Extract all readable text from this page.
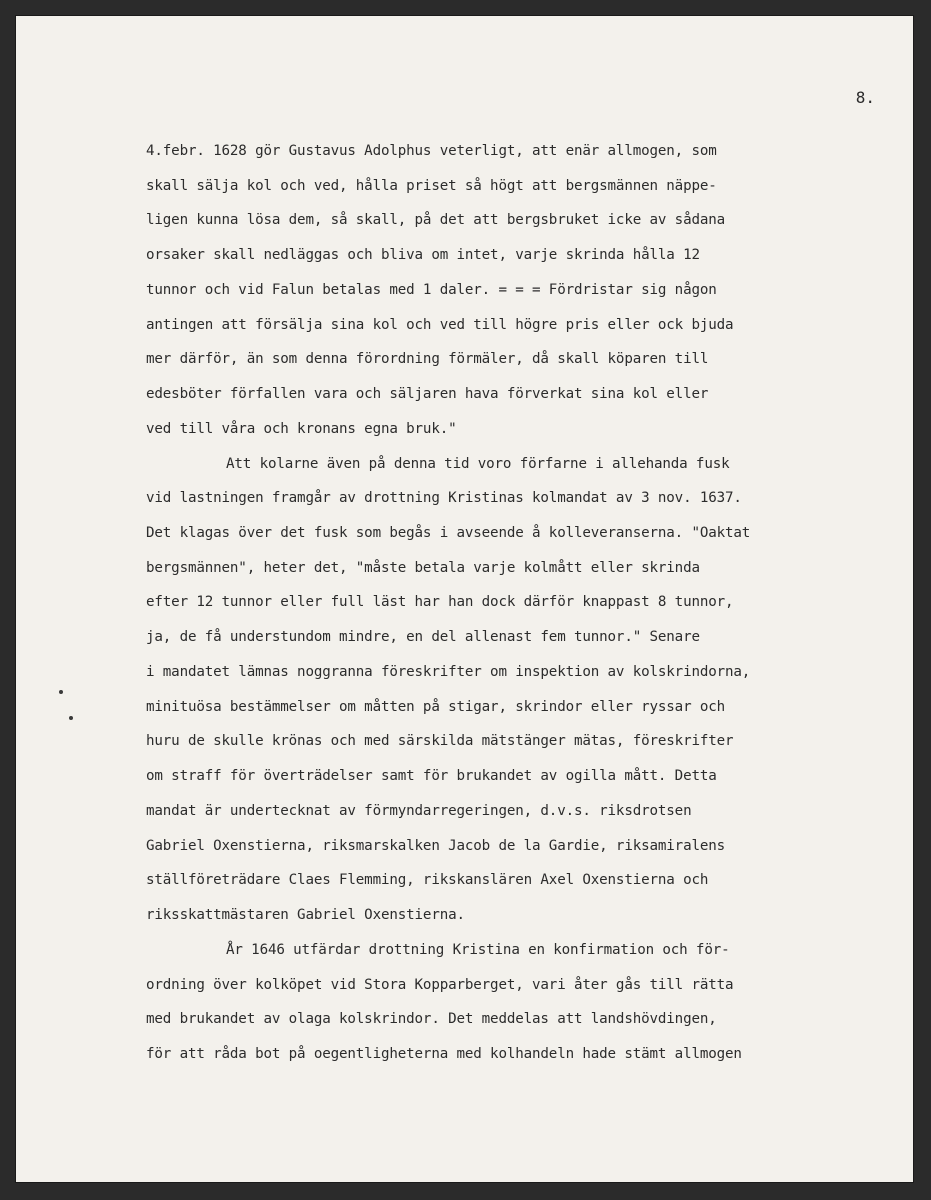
8.
4.febr. 1628 gör Gustavus Adolphus veterligt, att enär allmogen, som
skall sälja kol och ved, hålla priset så högt att bergsmännen näppe-
ligen kunna lösa dem, så skall, på det att bergsbruket icke av sådana
orsaker skall nedläggas och bliva om intet, varje skrinda hålla 12
tunnor och vid Falun betalas med 1 daler. = = = Fördristar sig någon
antingen att försälja sina kol och ved till högre pris eller ock bjuda
mer därför, än som denna förordning förmäler, då skall köparen till
edesböter förfallen vara och säljaren hava förverkat sina kol eller
ved till våra och kronans egna bruk."
Att kolarne även på denna tid voro förfarne i allehanda fusk
vid lastningen framgår av drottning Kristinas kolmandat av 3 nov. 1637.
Det klagas över det fusk som begås i avseende å kolleveranserna. "Oaktat
bergsmännen", heter det, "måste betala varje kolmått eller skrinda
efter 12 tunnor eller full läst har han dock därför knappast 8 tunnor,
ja, de få understundom mindre, en del allenast fem tunnor." Senare
i mandatet lämnas noggranna föreskrifter om inspektion av kolskrindorna,
minituösa bestämmelser om måtten på stigar, skrindor eller ryssar och
huru de skulle krönas och med särskilda mätstänger mätas, föreskrifter
om straff för överträdelser samt för brukandet av ogilla mått. Detta
mandat är undertecknat av förmyndarregeringen, d.v.s. riksdrotsen
Gabriel Oxenstierna, riksmarskalken Jacob de la Gardie, riksamiralens
ställföreträdare Claes Flemming, rikskanslären Axel Oxenstierna och
riksskattmästaren Gabriel Oxenstierna.
År 1646 utfärdar drottning Kristina en konfirmation och för-
ordning över kolköpet vid Stora Kopparberget, vari åter gås till rätta
med brukandet av olaga kolskrindor. Det meddelas att landshövdingen,
för att råda bot på oegentligheterna med kolhandeln hade stämt allmogen
